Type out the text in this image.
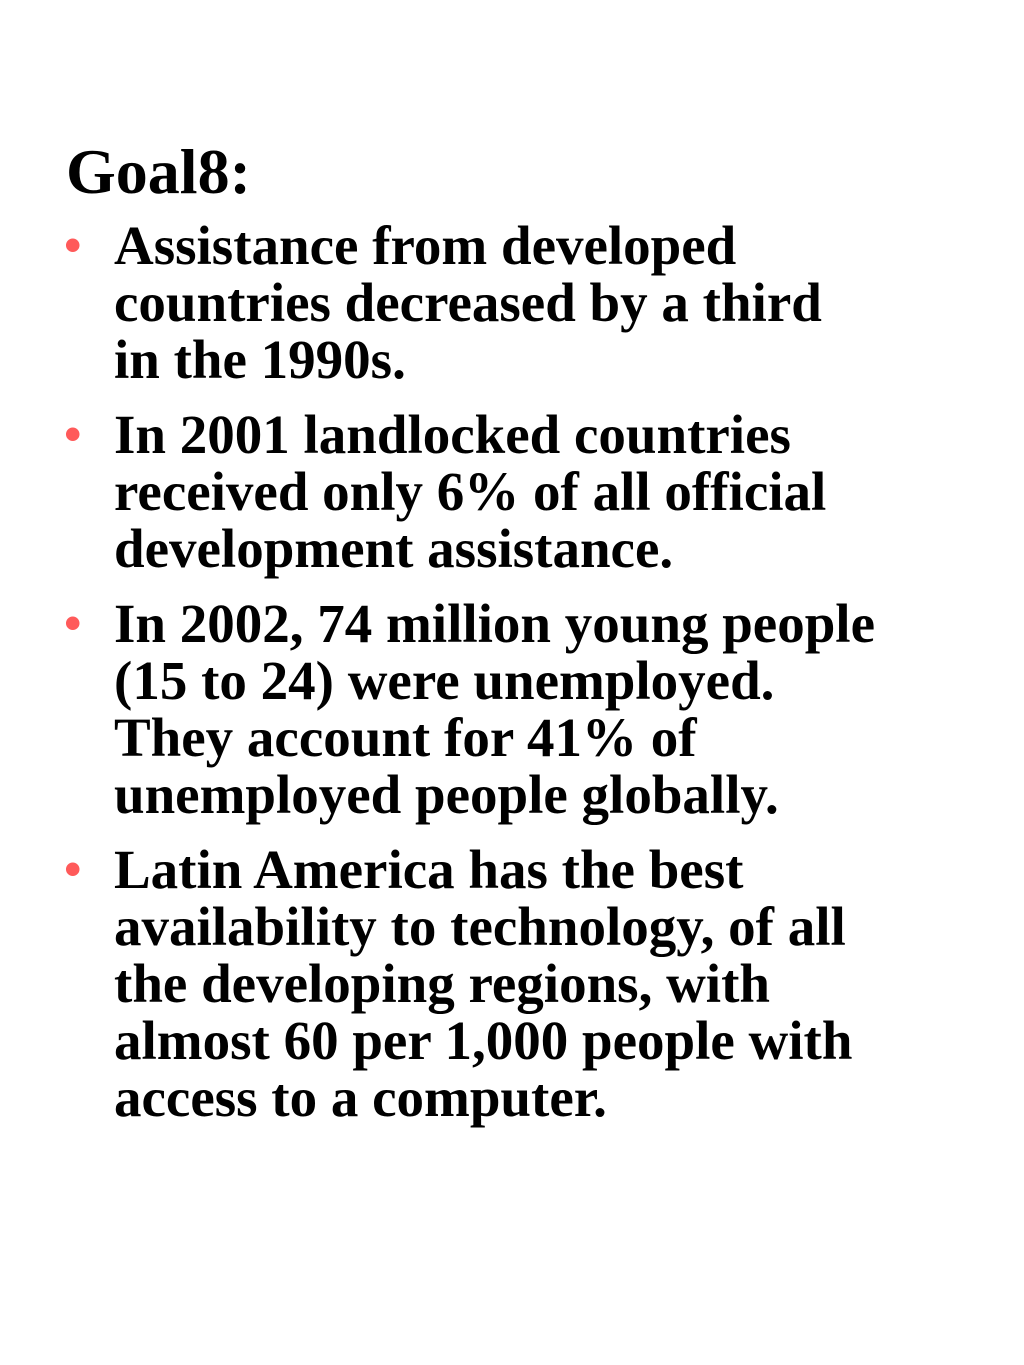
Goal8:
• Assistance from developed
countries decreased by a third
in the 1990s.
• In 2001 landlocked countries
received only 6% of all official
development assistance.
• In 2002, 74 million young people
(15 to 24) were unemployed.
They account for 41% of
unemployed people globally.
• Latin America has the best
availability to technology, of all
the developing regions, with
almost 60 per 1,000 people with
access to a computer.
